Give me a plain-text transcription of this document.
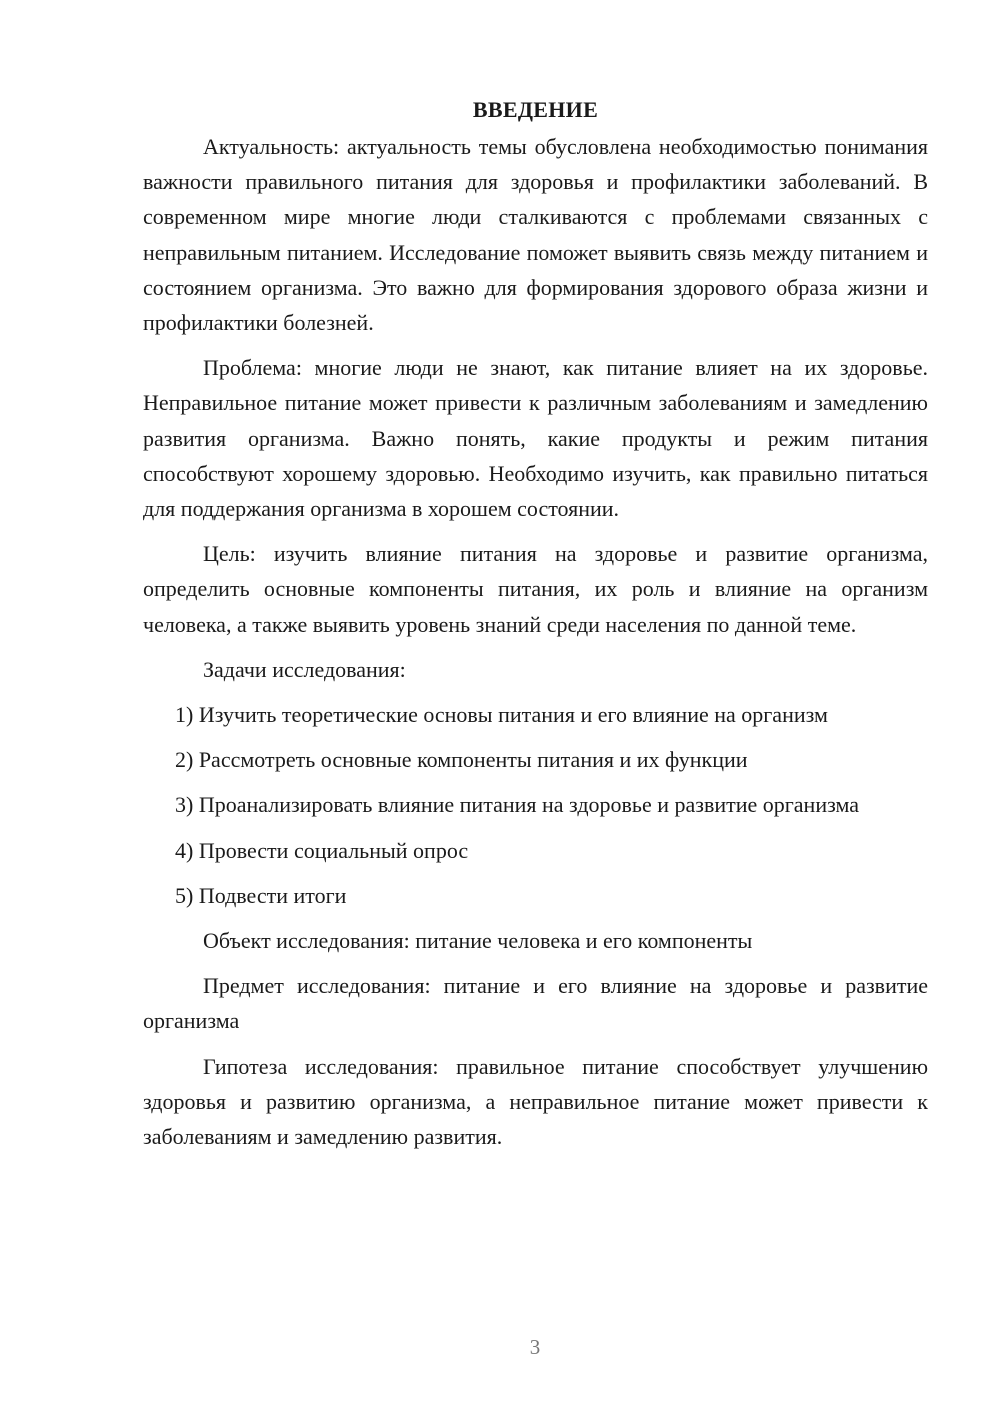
ВВЕДЕНИЕ

Актуальность: актуальность темы обусловлена необходимостью понимания важности правильного питания для здоровья и профилактики заболеваний. В современном мире многие люди сталкиваются с проблемами связанных с неправильным питанием. Исследование поможет выявить связь между питанием и состоянием организма. Это важно для формирования здорового образа жизни и профилактики болезней.

Проблема: многие люди не знают, как питание влияет на их здоровье. Неправильное питание может привести к различным заболеваниям и замедлению развития организма. Важно понять, какие продукты и режим питания способствуют хорошему здоровью. Необходимо изучить, как правильно питаться для поддержания организма в хорошем состоянии.

Цель: изучить влияние питания на здоровье и развитие организма, определить основные компоненты питания, их роль и влияние на организм человека, а также выявить уровень знаний среди населения по данной теме.

Задачи исследования:

1) Изучить теоретические основы питания и его влияние на организм

2) Рассмотреть основные компоненты питания и их функции

3) Проанализировать влияние питания на здоровье и развитие организма

4) Провести социальный опрос

5) Подвести итоги

Объект исследования: питание человека и его компоненты

Предмет исследования: питание и его влияние на здоровье и развитие организма

Гипотеза исследования: правильное питание способствует улучшению здоровья и развитию организма, а неправильное питание может привести к заболеваниям и замедлению развития.

3
